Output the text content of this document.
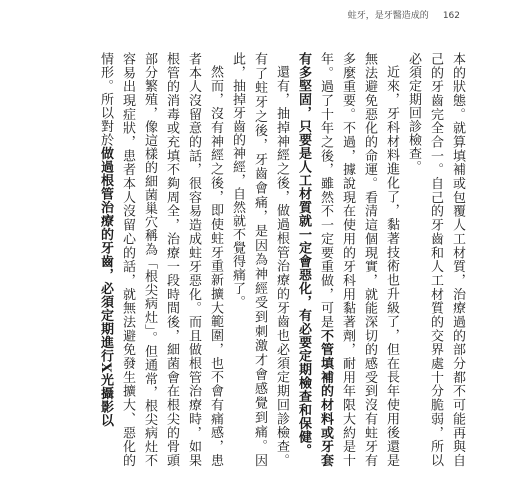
蛀牙，是牙醫造成的 162

本的狀態。就算填補或包覆人工材質，治療過的部分都不可能再與自己的牙齒完全合一。自己的牙齒和人工材質的交界處十分脆弱，所以必須定期回診檢查。

近來，牙科材料進化了，黏著技術也升級了，但在長年使用後還是無法避免惡化的命運。看清這個現實，就能深切的感受到沒有蛀牙有多麼重要。不過，據說現在使用的牙科用黏著劑，耐用年限大約是十年。過了十年之後，雖然不一定要重做，可是不管填補的材料或牙套有多堅固，只要是人工材質就一定會惡化，有必要定期檢查和保健。

還有，抽掉神經之後，做過根管治療的牙齒也必須定期回診檢查。有了蛀牙之後，牙齒會痛，是因為神經受到刺激才會感覺到痛。因此，抽掉牙齒的神經，自然就不覺得痛了。

然而，沒有神經之後，即使蛀牙重新擴大範圍，也不會有痛感，患者本人沒留意的話，很容易造成蛀牙惡化。而且做根管治療時，如果根管的消毒或充填不夠周全，治療一段時間後，細菌會在根尖的骨頭部分繁殖，像這樣的細菌巢穴稱為「根尖病灶」。但通常，根尖病灶不容易出現症狀，患者本人沒留心的話，就無法避免發生擴大、惡化的情形。所以對於做過根管治療的牙齒，必須定期進行X光攝影以
